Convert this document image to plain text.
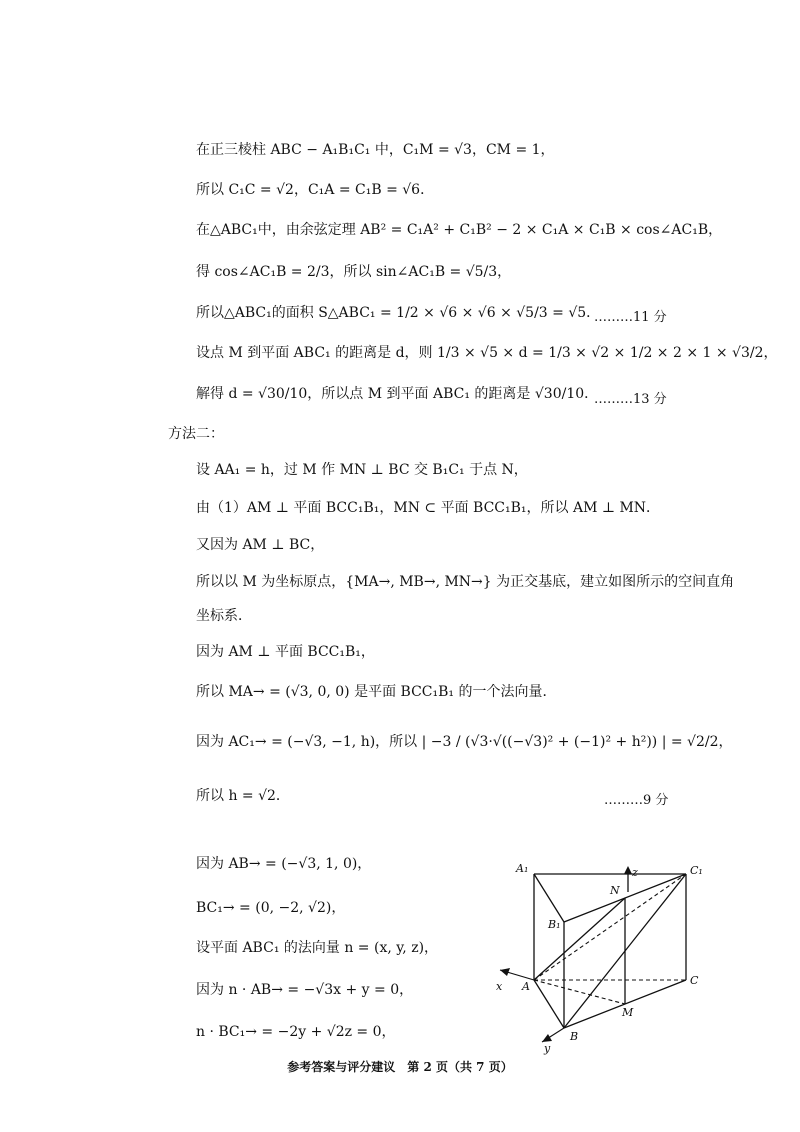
在正三棱柱 ABC − A₁B₁C₁ 中，C₁M = √3，CM = 1，
所以 C₁C = √2，C₁A = C₁B = √6．
在△ABC₁中，由余弦定理 AB² = C₁A² + C₁B² − 2 × C₁A × C₁B × cos∠AC₁B，
得 cos∠AC₁B = 2/3，所以 sin∠AC₁B = √5/3，
所以△ABC₁的面积 S△ABC₁ = 1/2 × √6 × √6 × √5/3 = √5．
………11 分
设点 M 到平面 ABC₁ 的距离是 d，则 1/3 × √5 × d = 1/3 × √2 × 1/2 × 2 × 1 × √3/2，
解得 d = √30/10，所以点 M 到平面 ABC₁ 的距离是 √30/10．
………13 分
方法二：
设 AA₁ = h，过 M 作 MN ⊥ BC 交 B₁C₁ 于点 N，
由（1）AM ⊥ 平面 BCC₁B₁，MN ⊂ 平面 BCC₁B₁，所以 AM ⊥ MN．
又因为 AM ⊥ BC，
所以以 M 为坐标原点，{MA→, MB→, MN→} 为正交基底，建立如图所示的空间直角
坐标系．
因为 AM ⊥ 平面 BCC₁B₁，
所以 MA→ = (√3, 0, 0) 是平面 BCC₁B₁ 的一个法向量．
因为 AC₁→ = (−√3, −1, h)，所以 | −3 / (√3·√((−√3)² + (−1)² + h²)) | = √2/2，
所以 h = √2．	………9 分
因为 AB→ = (−√3, 1, 0)，
BC₁→ = (0, −2, √2)，
设平面 ABC₁ 的法向量 n = (x, y, z)，
因为 n · AB→ = −√3x + y = 0，
n · BC₁→ = −2y + √2z = 0，
A₁	C₁
N
z
B₁
x A	C
M
y
B
参考答案与评分建议　第 2 页（共 7 页）
